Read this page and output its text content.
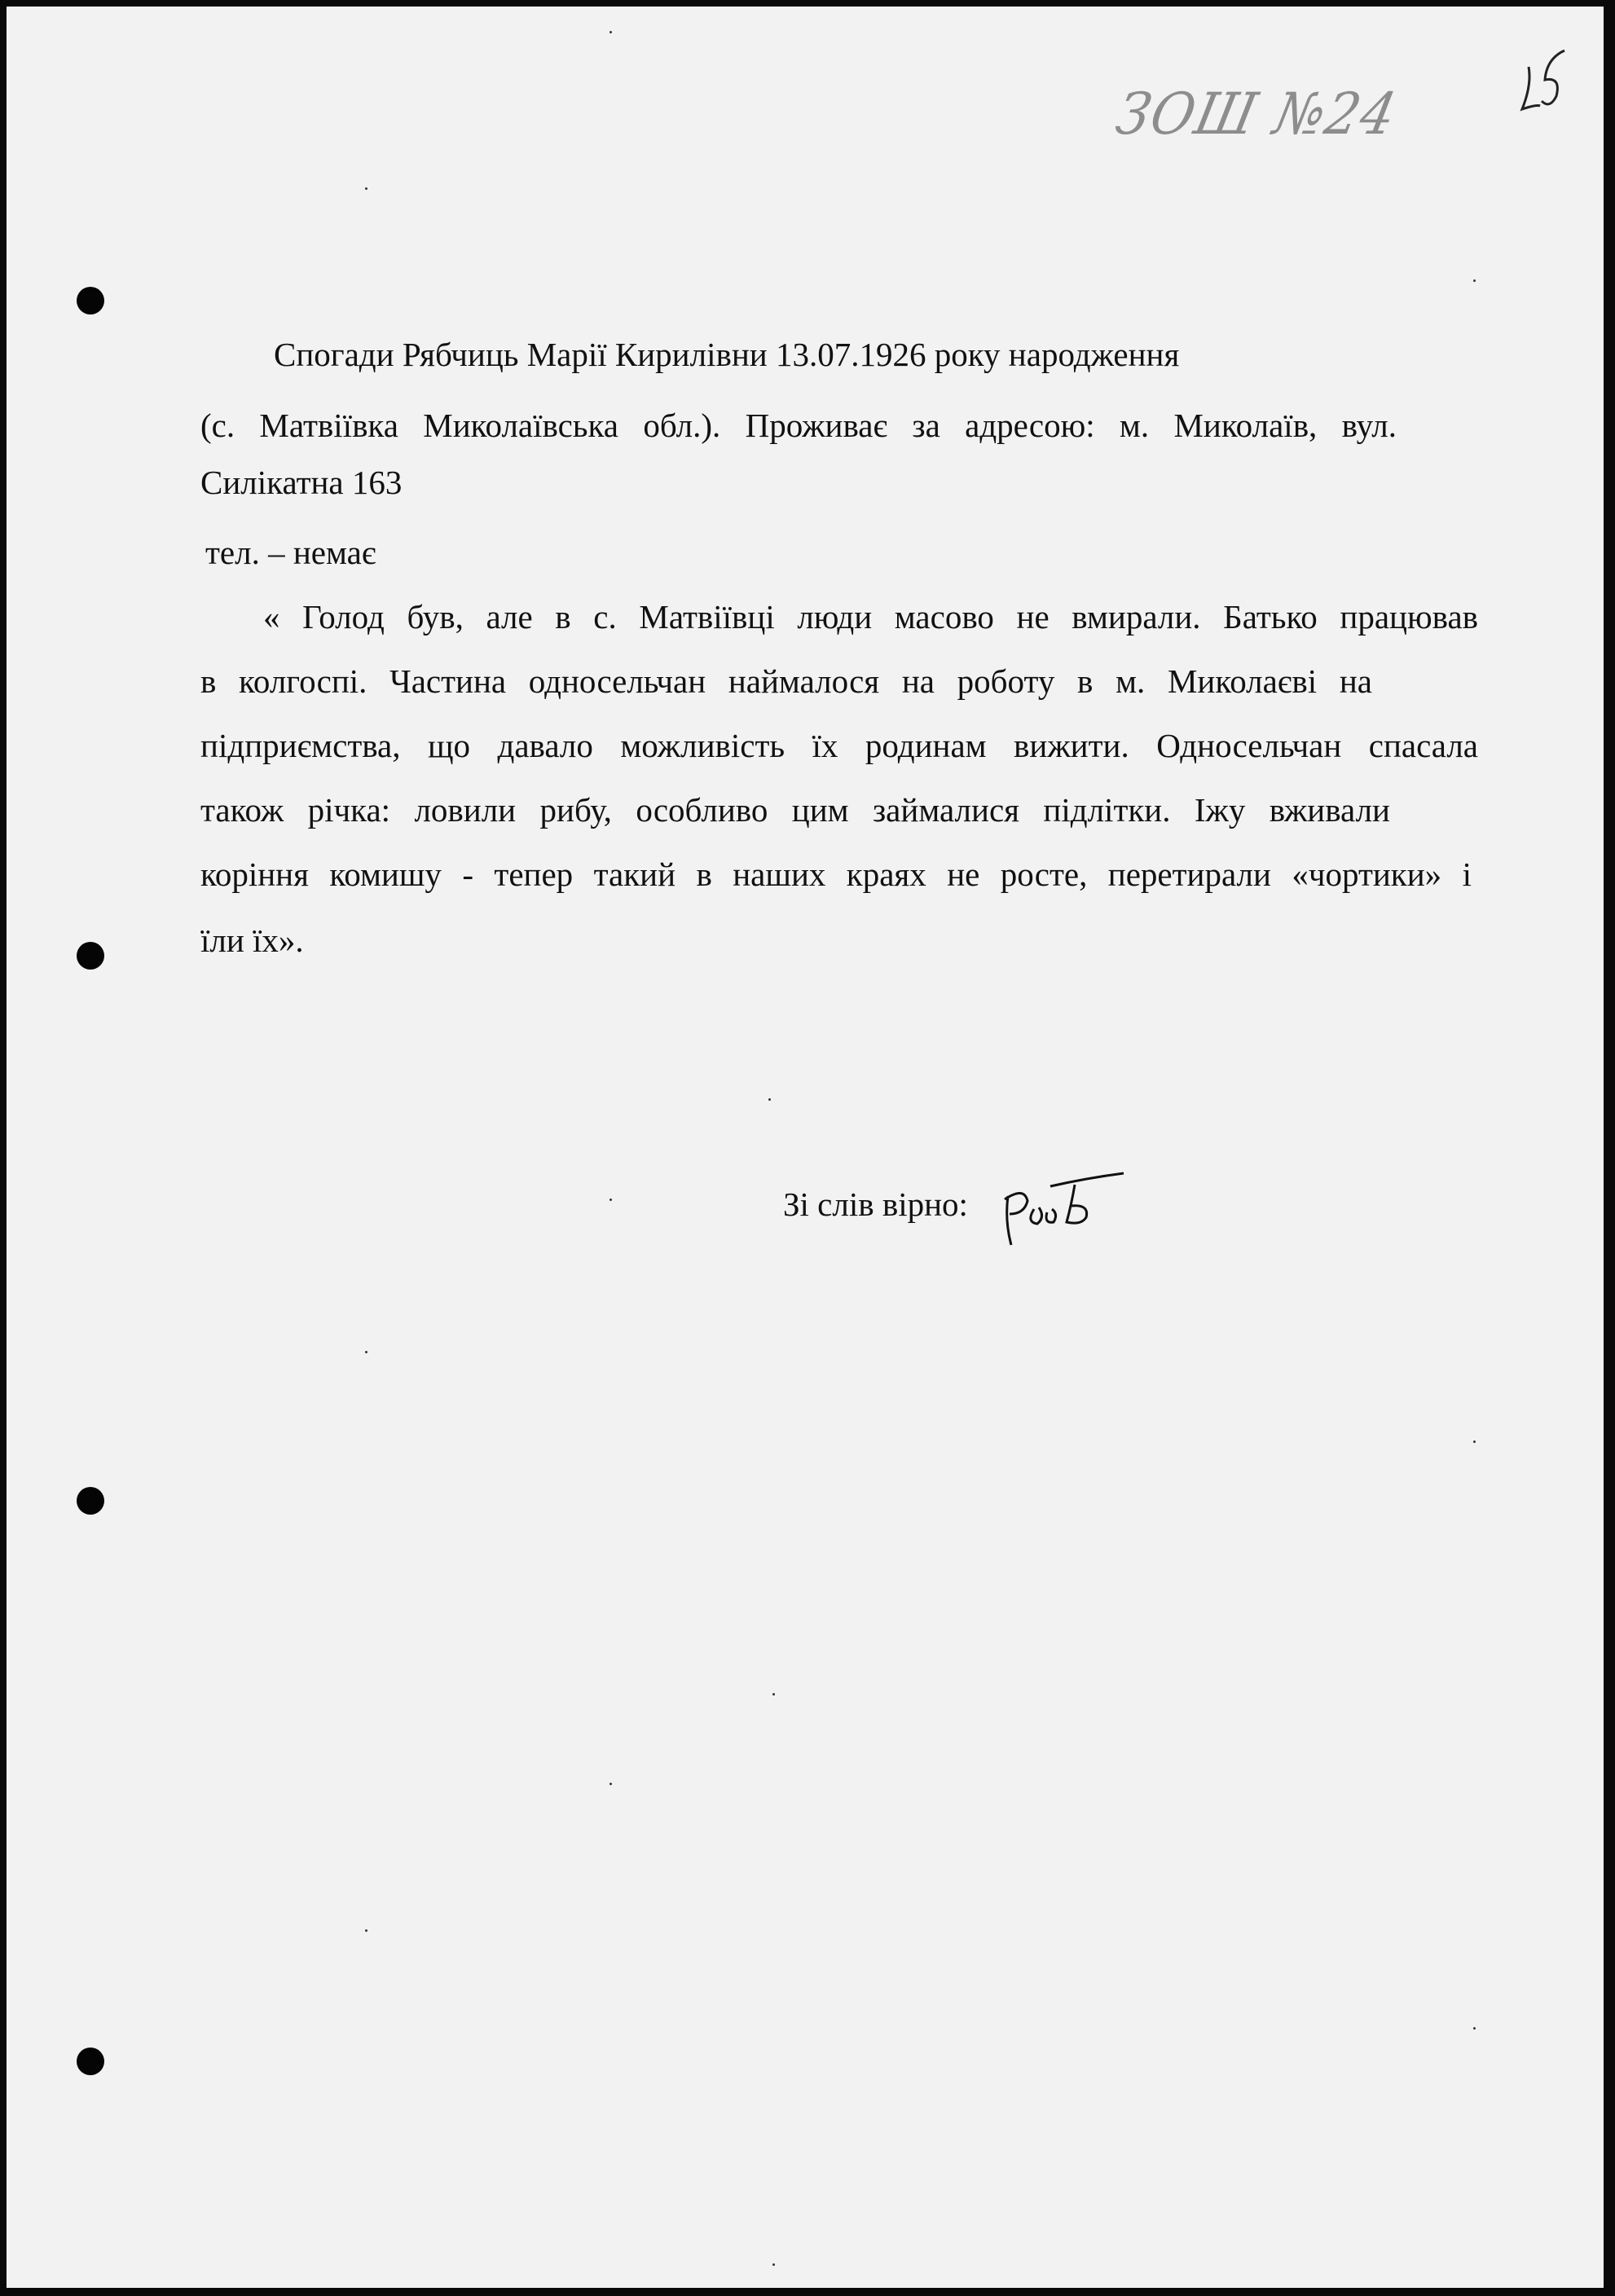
ЗОШ №24
Спогади Рябчиць Марії Кирилівни 13.07.1926 року народження
(с. Матвіївка Миколаївська обл.). Проживає за адресою: м. Миколаїв, вул.
Силікатна 163
тел. – немає
« Голод був, але в с. Матвіївці люди масово не вмирали. Батько працював
в колгоспі. Частина односельчан наймалося на роботу в м. Миколаєві на
підприємства, що давало можливість їх родинам вижити. Односельчан спасала
також річка: ловили рибу, особливо цим займалися підлітки. Іжу вживали
коріння комишу - тепер такий в наших краях не росте, перетирали «чортики» і
їли їх».
Зі слів вірно:
